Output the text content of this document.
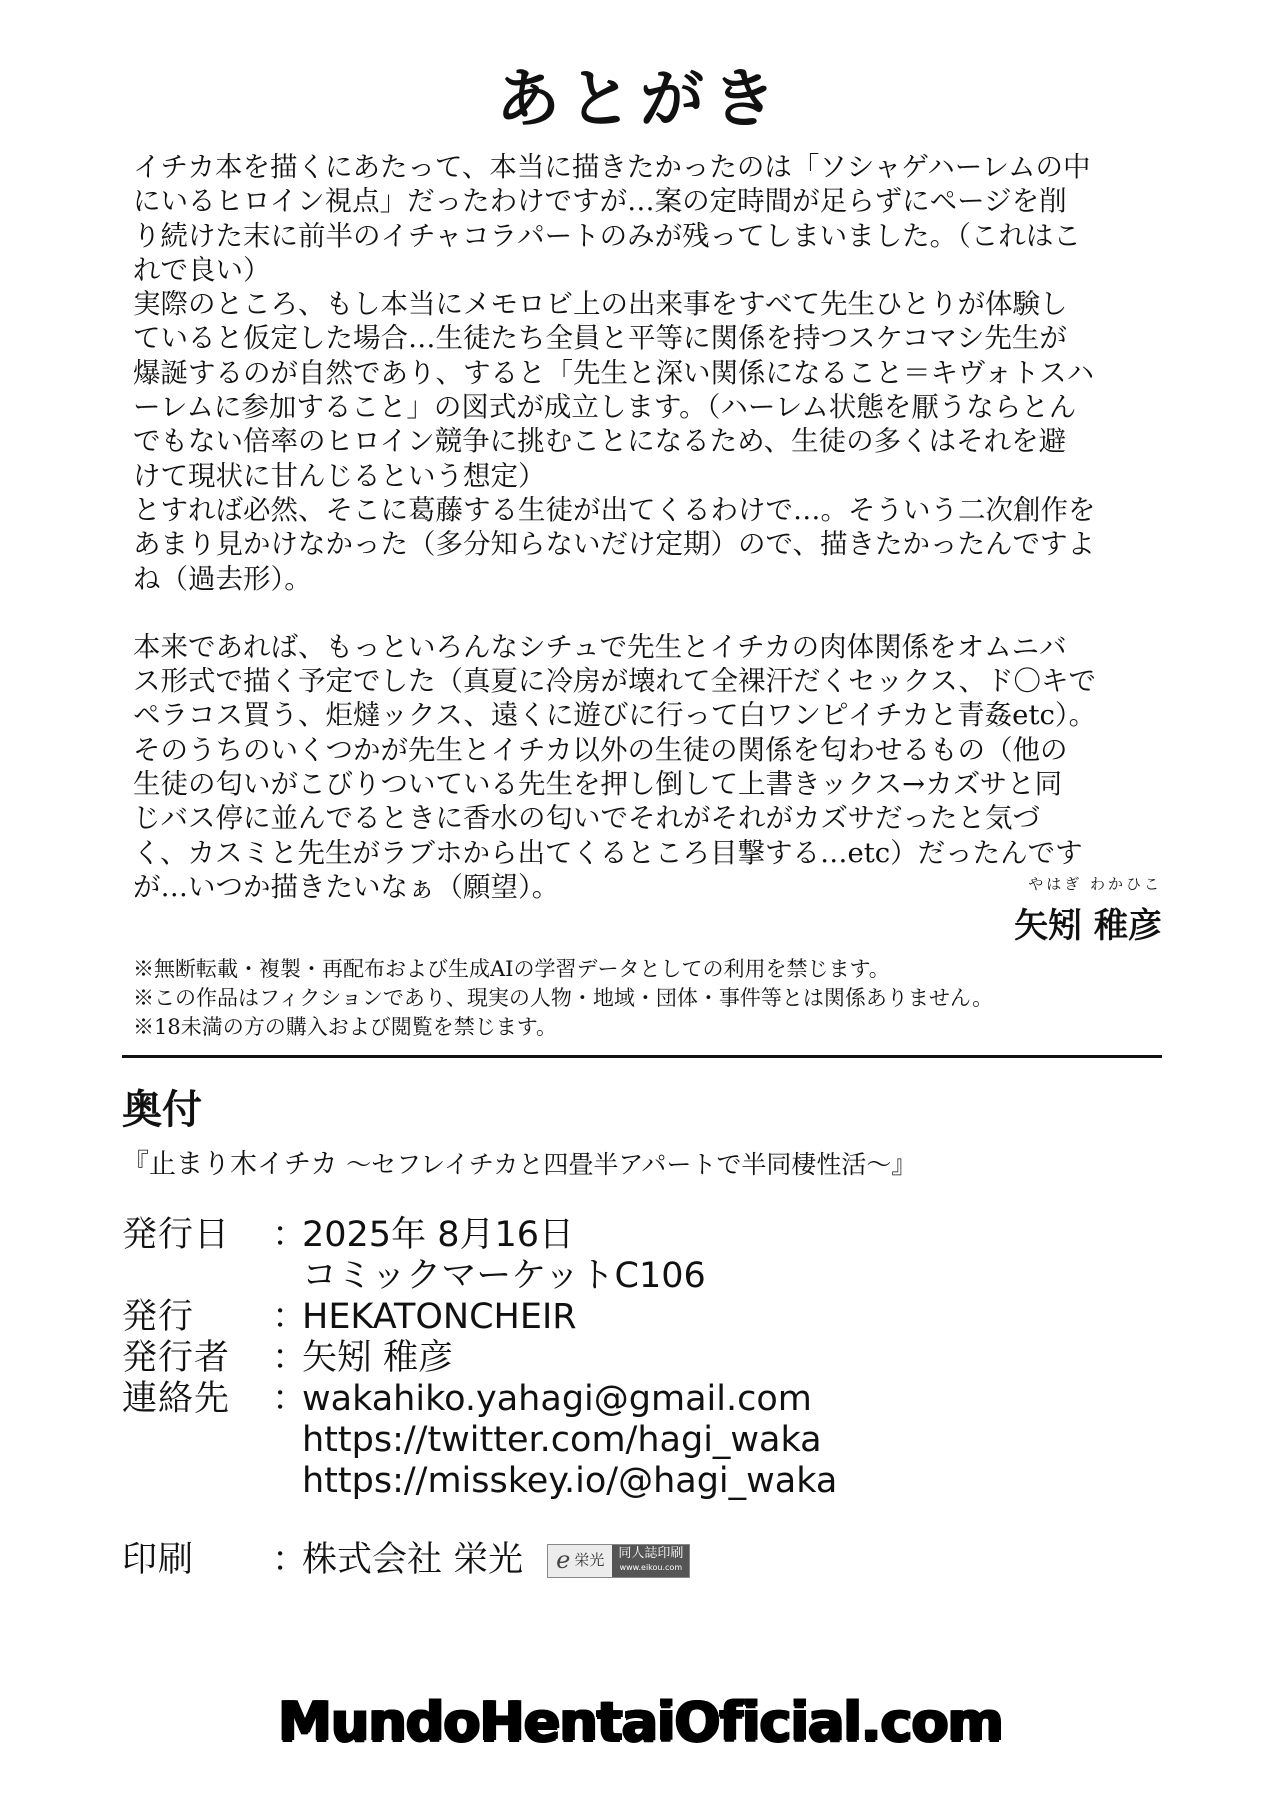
あとがき

イチカ本を描くにあたって、本当に描きたかったのは「ソシャゲハーレムの中

にいるヒロイン視点」だったわけですが…案の定時間が足らずにページを削

り続けた末に前半のイチャコラパートのみが残ってしまいました。（これはこ

れで良い）

実際のところ、もし本当にメモロビ上の出来事をすべて先生ひとりが体験し

ていると仮定した場合…生徒たち全員と平等に関係を持つスケコマシ先生が

爆誕するのが自然であり、すると「先生と深い関係になること＝キヴォトスハ

ーレムに参加すること」の図式が成立します。（ハーレム状態を厭うならとん

でもない倍率のヒロイン競争に挑むことになるため、生徒の多くはそれを避

けて現状に甘んじるという想定）

とすれば必然、そこに葛藤する生徒が出てくるわけで…。そういう二次創作を

あまり見かけなかった（多分知らないだけ定期）ので、描きたかったんですよ

ね（過去形）。

本来であれば、もっといろんなシチュで先生とイチカの肉体関係をオムニバ

ス形式で描く予定でした（真夏に冷房が壊れて全裸汗だくセックス、ド〇キで

ペラコス買う、炬燵ックス、遠くに遊びに行って白ワンピイチカと青姦etc）。

そのうちのいくつかが先生とイチカ以外の生徒の関係を匂わせるもの（他の

生徒の匂いがこびりついている先生を押し倒して上書きックス→カズサと同

じバス停に並んでるときに香水の匂いでそれがそれがカズサだったと気づ

く、カスミと先生がラブホから出てくるところ目撃する…etc）だったんです

が…いつか描きたいなぁ（願望）。	やはぎ わかひこ
矢矧 稚彦
※無断転載・複製・再配布および生成AIの学習データとしての利用を禁じます。
※この作品はフィクションであり、現実の人物・地域・団体・事件等とは関係ありません。
※18未満の方の購入および閲覧を禁じます。
奥付
『止まり木イチカ ～セフレイチカと四畳半アパートで半同棲性活～』
発行日	：
2025年 8月16日
コミックマーケットC106
発行	：
HEKATONCHEIR
発行者	：
矢矧 稚彦
連絡先	：
wakahiko.yahagi@gmail.com
https://twitter.com/hagi_waka
https://misskey.io/@hagi_waka
印刷	：
株式会社 栄光 e 栄光 同人誌印刷
www.eikou.com
MundoHentaiOficial.com
